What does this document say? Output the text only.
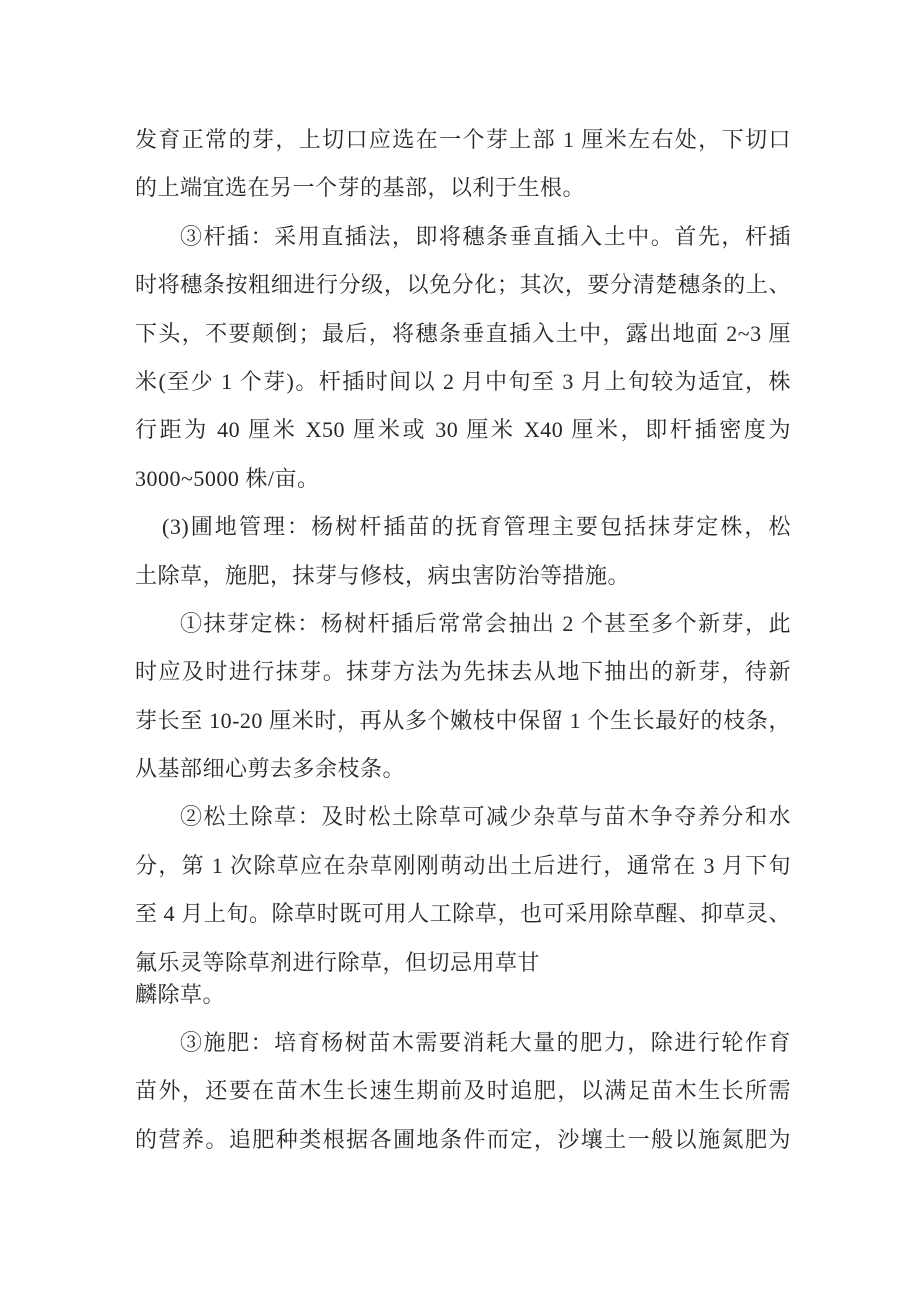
发育正常的芽，上切口应选在一个芽上部 1 厘米左右处，下切口
的上端宜选在另一个芽的基部，以利于生根。
③杆插：采用直插法，即将穗条垂直插入土中。首先，杆插
时将穗条按粗细进行分级，以免分化；其次，要分清楚穗条的上、
下头，不要颠倒；最后，将穗条垂直插入土中，露出地面 2~3 厘
米(至少 1 个芽)。杆插时间以 2 月中旬至 3 月上旬较为适宜，株
行距为 40 厘米 X50 厘米或 30 厘米 X40 厘米，即杆插密度为
3000~5000 株/亩。
(3)圃地管理：杨树杆插苗的抚育管理主要包括抹芽定株，松
土除草，施肥，抹芽与修枝，病虫害防治等措施。
①抹芽定株：杨树杆插后常常会抽出 2 个甚至多个新芽，此
时应及时进行抹芽。抹芽方法为先抹去从地下抽出的新芽，待新
芽长至 10-20 厘米时，再从多个嫩枝中保留 1 个生长最好的枝条，
从基部细心剪去多余枝条。
②松土除草：及时松土除草可减少杂草与苗木争夺养分和水
分，第 1 次除草应在杂草刚刚萌动出土后进行，通常在 3 月下旬
至 4 月上旬。除草时既可用人工除草，也可采用除草醒、抑草灵、
氟乐灵等除草剂进行除草，但切忌用草甘
麟除草。
③施肥：培育杨树苗木需要消耗大量的肥力，除进行轮作育
苗外，还要在苗木生长速生期前及时追肥，以满足苗木生长所需
的营养。追肥种类根据各圃地条件而定，沙壤土一般以施氮肥为
